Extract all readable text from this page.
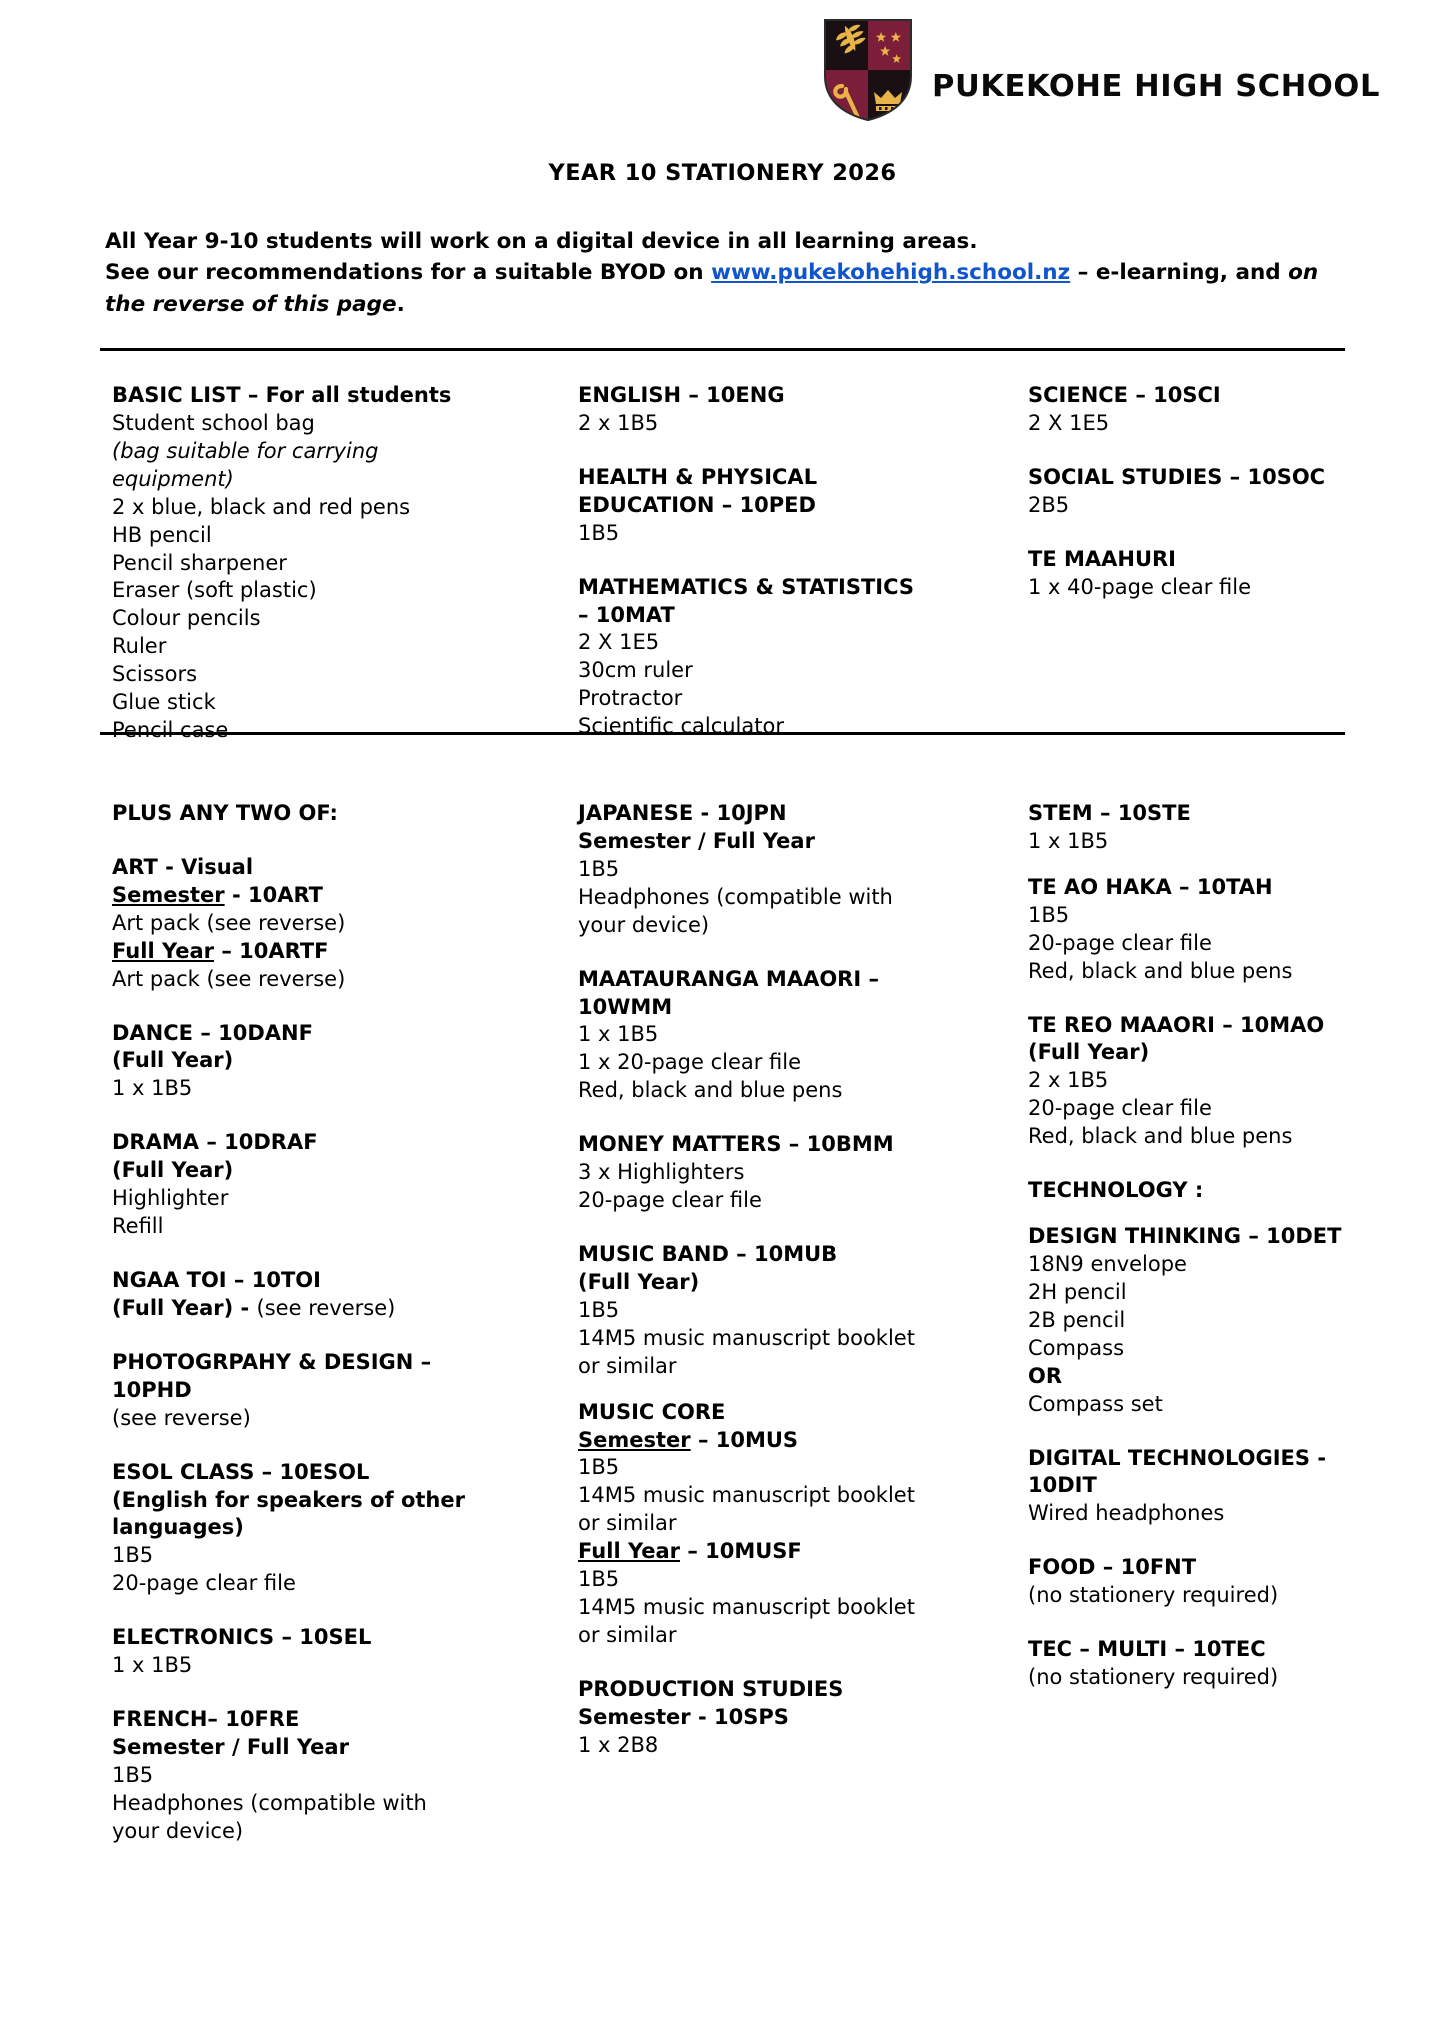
PUKEKOHE HIGH SCHOOL
YEAR 10 STATIONERY 2026
All Year 9-10 students will work on a digital device in all learning areas.
See our recommendations for a suitable BYOD on www.pukekohehigh.school.nz – e-learning, and on the reverse of this page.
BASIC LIST – For all students
Student school bag
(bag suitable for carrying equipment)
2 x blue, black and red pens
HB pencil
Pencil sharpener
Eraser (soft plastic)
Colour pencils
Ruler
Scissors
Glue stick
Pencil case
ENGLISH – 10ENG
2 x 1B5
HEALTH & PHYSICAL EDUCATION – 10PED
1B5
MATHEMATICS & STATISTICS – 10MAT
2 X 1E5
30cm ruler
Protractor
Scientific calculator
SCIENCE – 10SCI
2 X 1E5
SOCIAL STUDIES – 10SOC
2B5
TE MAAHURI
1 x 40-page clear file
PLUS ANY TWO OF:
ART - Visual
Semester - 10ART
Art pack (see reverse)
Full Year – 10ARTF
Art pack (see reverse)
DANCE – 10DANF
(Full Year)
1 x 1B5
DRAMA – 10DRAF
(Full Year)
Highlighter
Refill
NGAA TOI – 10TOI
(Full Year) - (see reverse)
PHOTOGRPAHY & DESIGN – 10PHD
(see reverse)
ESOL CLASS – 10ESOL
(English for speakers of other languages)
1B5
20-page clear file
ELECTRONICS – 10SEL
1 x 1B5
FRENCH– 10FRE
Semester / Full Year
1B5
Headphones (compatible with your device)
JAPANESE - 10JPN
Semester / Full Year
1B5
Headphones (compatible with your device)
MAATAURANGA MAAORI – 10WMM
1 x 1B5
1 x 20-page clear file
Red, black and blue pens
MONEY MATTERS – 10BMM
3 x Highlighters
20-page clear file
MUSIC BAND – 10MUB
(Full Year)
1B5
14M5 music manuscript booklet or similar
MUSIC CORE
Semester – 10MUS
1B5
14M5 music manuscript booklet or similar
Full Year – 10MUSF
1B5
14M5 music manuscript booklet or similar
PRODUCTION STUDIES
Semester - 10SPS
1 x 2B8
STEM – 10STE
1 x 1B5
TE AO HAKA – 10TAH
1B5
20-page clear file
Red, black and blue pens
TE REO MAAORI – 10MAO
(Full Year)
2 x 1B5
20-page clear file
Red, black and blue pens
TECHNOLOGY :
DESIGN THINKING – 10DET
18N9 envelope
2H pencil
2B pencil
Compass
OR
Compass set
DIGITAL TECHNOLOGIES - 10DIT
Wired headphones
FOOD – 10FNT
(no stationery required)
TEC – MULTI – 10TEC
(no stationery required)
